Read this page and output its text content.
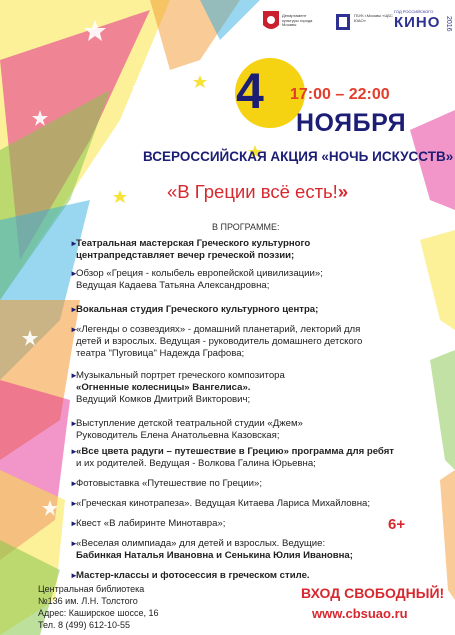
Департамент культуры города Москвы
ГБУК г.Москвы «ЦБС ЮАО»
ГОД РОССИЙСКОГО
КИНО 2016
4 17:00 – 22:00
НОЯБРЯ
ВСЕРОССИЙСКАЯ АКЦИЯ «НОЧЬ ИСКУССТВ»
«В Греции всё есть!»
В ПРОГРАММЕ:
►
Театральная мастерская Греческого культурного
центрапредставляет вечер греческой поэзии;
►
Обзор «Греция - колыбель европейской цивилизации»;
Ведущая Кадаева Татьяна Александровна;
►
Вокальная студия Греческого культурного центра;
►
«Легенды о созвездиях» - домашний планетарий, лекторий для
детей и взрослых. Ведущая - руководитель домашнего детского
театра "Пуговица" Надежда Графова;
►
Музыкальный портрет греческого композитора
«Огненные колесницы» Вангелиса».
Ведущий Комков Дмитрий Викторович;
►
Выступление детской театральной студии «Джем»
Руководитель Елена Анатольевна Казовская;
►
«Все цвета радуги – путешествие в Грецию» программа для ребят
и их родителей. Ведущая - Волкова Галина Юрьевна;
►
Фотовыставка «Путешествие по Греции»;
►
«Греческая кинотрапеза». Ведущая Китаева Лариса Михайловна;
►
Квест «В лабиринте Минотавра»;
►
«Веселая олимпиада» для детей и взрослых. Ведущие:
Бабинкая Наталья Ивановна и Сенькина Юлия Ивановна;
►
Мастер-классы и фотосессия в греческом стиле.
6+
Центральная библиотека
№136 им. Л.Н. Толстого
Адрес: Каширское шоссе, 16
Тел. 8 (499) 612-10-55
ВХОД СВОБОДНЫЙ!
www.cbsuao.ru
